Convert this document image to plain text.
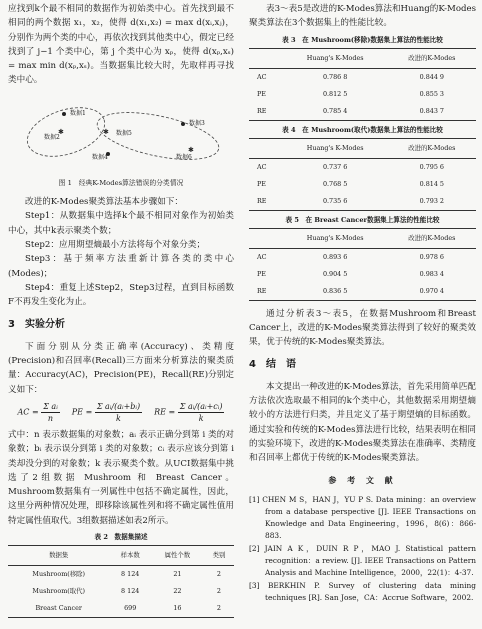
应找到k个最不相同的数据作为初始类中心。首先找到最不相同的两个数据 x₁，x₂，使得 d(x₁,x₂) = max d(xᵢ,xⱼ)，分别作为两个类的中心，再依次找到其他类中心，假定已经找到了 j−1 个类中心，第 j 个类中心为 xₚ，使得 d(xₚ,xₛ) = max min d(xₚ,xₛ)。当数据集比较大时，先取样再寻找类中心。

✱	✱
✱
数据1
数据2
数据3
数据4
数据5
数据6
图 1　经典K-Modes算法错误的分类情况

改进的K-Modes聚类算法基本步骤如下：

Step1：从数据集中选择k个最不相同对象作为初始类中心，其中k表示聚类个数；

Step2：应用期望熵最小方法将每个对象分类；

Step3：基于频率方法重新计算各类的类中心(Modes)；

Step4：重复上述Step2，Step3过程，直到目标函数F不再发生变化为止。

3　实验分析

下面分别从分类正确率(Accuracy)、类精度(Precision)和召回率(Recall)三方面来分析算法的聚类质量：Accuracy(AC)，Precision(PE)，Recall(RE)分别定义如下：

AC = $\frac{\text{Σ aᵢ}}{n}$ PE = $\frac{\text{Σ aᵢ/(aᵢ+bᵢ)}}{k}$ RE = $\frac{\text{Σ aᵢ/(aᵢ+cᵢ)}}{k}$

式中：n 表示数据集的对象数；aᵢ 表示正确分到第 i 类的对象数；bᵢ 表示误分到第 i 类的对象数；cᵢ 表示应该分到第 i 类却没分到的对象数；k 表示聚类个数。从UCI数据集中挑选了2组数据 Mushroom 和 Breast Cancer。Mushroom数据集有一列属性中包括不确定属性，因此，这里分两种情况处理，即移除该属性列和将不确定属性值用特定属性值取代。3组数据描述如表2所示。

表 2　数据集描述
数据集	样本数	属性个数	类别
Mushroom(移除)	8 124	21	2
Mushroom(取代)	8 124	22	2
Breast Cancer	699	16	2

表3～表5是改进的K-Modes算法和Huang的K-Modes聚类算法在3个数据集上的性能比较。

表 3　在 Mushroom(移除)数据集上算法的性能比较
	Huang's K-Modes	改进的K-Modes
AC	0.786 8	0.844 9
PE	0.812 5	0.855 3
RE	0.785 4	0.843 7
表 4　在 Mushroom(取代)数据集上算法的性能比较
	Huang's K-Modes	改进的K-Modes
AC	0.737 6	0.795 6
PE	0.768 5	0.814 5
RE	0.735 6	0.793 2
表 5　在 Breast Cancer数据集上算法的性能比较
	Huang's K-Modes	改进的K-Modes
AC	0.893 6	0.978 6
PE	0.904 5	0.983 4
RE	0.836 5	0.970 4

通过分析表3～表5，在数据Mushroom和Breast Cancer上，改进的K-Modes聚类算法得到了较好的聚类效果，优于传统的K-Modes聚类算法。

4　结　语

本文提出一种改进的K-Modes算法，首先采用简单匹配方法依次选取最不相同的k个类中心，其他数据采用期望熵较小的方法进行归类，并且定义了基于期望熵的目标函数。通过实验和传统的K-Modes算法进行比较，结果表明在相同的实验环境下，改进的K-Modes聚类算法在准确率、类精度和召回率上都优于传统的K-Modes聚类算法。

参 考 文 献

[1] CHEN M S，HAN J，YU P S. Data mining：an overview from a database perspective [J]. IEEE Transactions on Knowledge and Data Engineering，1996，8(6)：866-883.

[2] JAIN A K，DUIN R P，MAO J. Statistical pattern recognition：a review. [J]. IEEE Transactions on Pattern Analysis and Machine Intelligence，2000，22(1)：4-37.

[3] BERKHIN P. Survey of clustering data mining techniques [R]. San Jose，CA：Accrue Software，2002.
